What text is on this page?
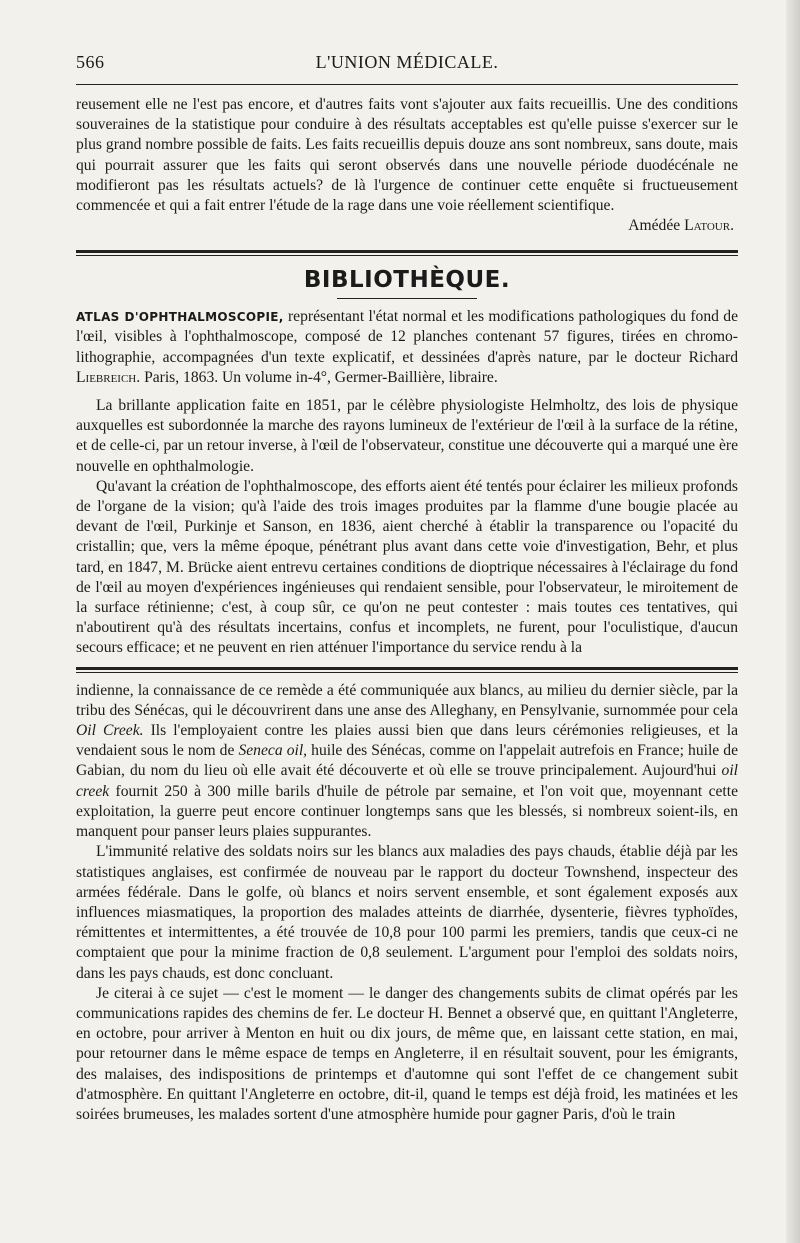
566	L'UNION MÉDICALE.

reusement elle ne l'est pas encore, et d'autres faits vont s'ajouter aux faits recueillis. Une des conditions souveraines de la statistique pour conduire à des résultats acceptables est qu'elle puisse s'exercer sur le plus grand nombre possible de faits. Les faits recueillis depuis douze ans sont nombreux, sans doute, mais qui pourrait assurer que les faits qui seront observés dans une nouvelle période duodécénale ne modifieront pas les résultats actuels? de là l'urgence de continuer cette enquête si fructueusement commencée et qui a fait entrer l'étude de la rage dans une voie réellement scientifique.

Amédée Latour.

BIBLIOTHÈQUE.

ATLAS D'OPHTHALMOSCOPIE, représentant l'état normal et les modifications pathologiques du fond de l'œil, visibles à l'ophthalmoscope, composé de 12 planches contenant 57 figures, tirées en chromo-lithographie, accompagnées d'un texte explicatif, et dessinées d'après nature, par le docteur Richard Liebreich. Paris, 1863. Un volume in-4°, Germer-Baillière, libraire.

La brillante application faite en 1851, par le célèbre physiologiste Helmholtz, des lois de physique auxquelles est subordonnée la marche des rayons lumineux de l'extérieur de l'œil à la surface de la rétine, et de celle-ci, par un retour inverse, à l'œil de l'observateur, constitue une découverte qui a marqué une ère nouvelle en ophthalmologie.

Qu'avant la création de l'ophthalmoscope, des efforts aient été tentés pour éclairer les milieux profonds de l'organe de la vision; qu'à l'aide des trois images produites par la flamme d'une bougie placée au devant de l'œil, Purkinje et Sanson, en 1836, aient cherché à établir la transparence ou l'opacité du cristallin; que, vers la même époque, pénétrant plus avant dans cette voie d'investigation, Behr, et plus tard, en 1847, M. Brücke aient entrevu certaines conditions de dioptrique nécessaires à l'éclairage du fond de l'œil au moyen d'expériences ingénieuses qui rendaient sensible, pour l'observateur, le miroitement de la surface rétinienne; c'est, à coup sûr, ce qu'on ne peut contester : mais toutes ces tentatives, qui n'aboutirent qu'à des résultats incertains, confus et incomplets, ne furent, pour l'oculistique, d'aucun secours efficace; et ne peuvent en rien atténuer l'importance du service rendu à la

indienne, la connaissance de ce remède a été communiquée aux blancs, au milieu du dernier siècle, par la tribu des Sénécas, qui le découvrirent dans une anse des Alleghany, en Pensylvanie, surnommée pour cela Oil Creek. Ils l'employaient contre les plaies aussi bien que dans leurs cérémonies religieuses, et la vendaient sous le nom de Seneca oil, huile des Sénécas, comme on l'appelait autrefois en France; huile de Gabian, du nom du lieu où elle avait été découverte et où elle se trouve principalement. Aujourd'hui oil creek fournit 250 à 300 mille barils d'huile de pétrole par semaine, et l'on voit que, moyennant cette exploitation, la guerre peut encore continuer longtemps sans que les blessés, si nombreux soient-ils, en manquent pour panser leurs plaies suppurantes.

L'immunité relative des soldats noirs sur les blancs aux maladies des pays chauds, établie déjà par les statistiques anglaises, est confirmée de nouveau par le rapport du docteur Townshend, inspecteur des armées fédérale. Dans le golfe, où blancs et noirs servent ensemble, et sont également exposés aux influences miasmatiques, la proportion des malades atteints de diarrhée, dysenterie, fièvres typhoïdes, rémittentes et intermittentes, a été trouvée de 10,8 pour 100 parmi les premiers, tandis que ceux-ci ne comptaient que pour la minime fraction de 0,8 seulement. L'argument pour l'emploi des soldats noirs, dans les pays chauds, est donc concluant.

Je citerai à ce sujet — c'est le moment — le danger des changements subits de climat opérés par les communications rapides des chemins de fer. Le docteur H. Bennet a observé que, en quittant l'Angleterre, en octobre, pour arriver à Menton en huit ou dix jours, de même que, en laissant cette station, en mai, pour retourner dans le même espace de temps en Angleterre, il en résultait souvent, pour les émigrants, des malaises, des indispositions de printemps et d'automne qui sont l'effet de ce changement subit d'atmosphère. En quittant l'Angleterre en octobre, dit-il, quand le temps est déjà froid, les matinées et les soirées brumeuses, les malades sortent d'une atmosphère humide pour gagner Paris, d'où le train
